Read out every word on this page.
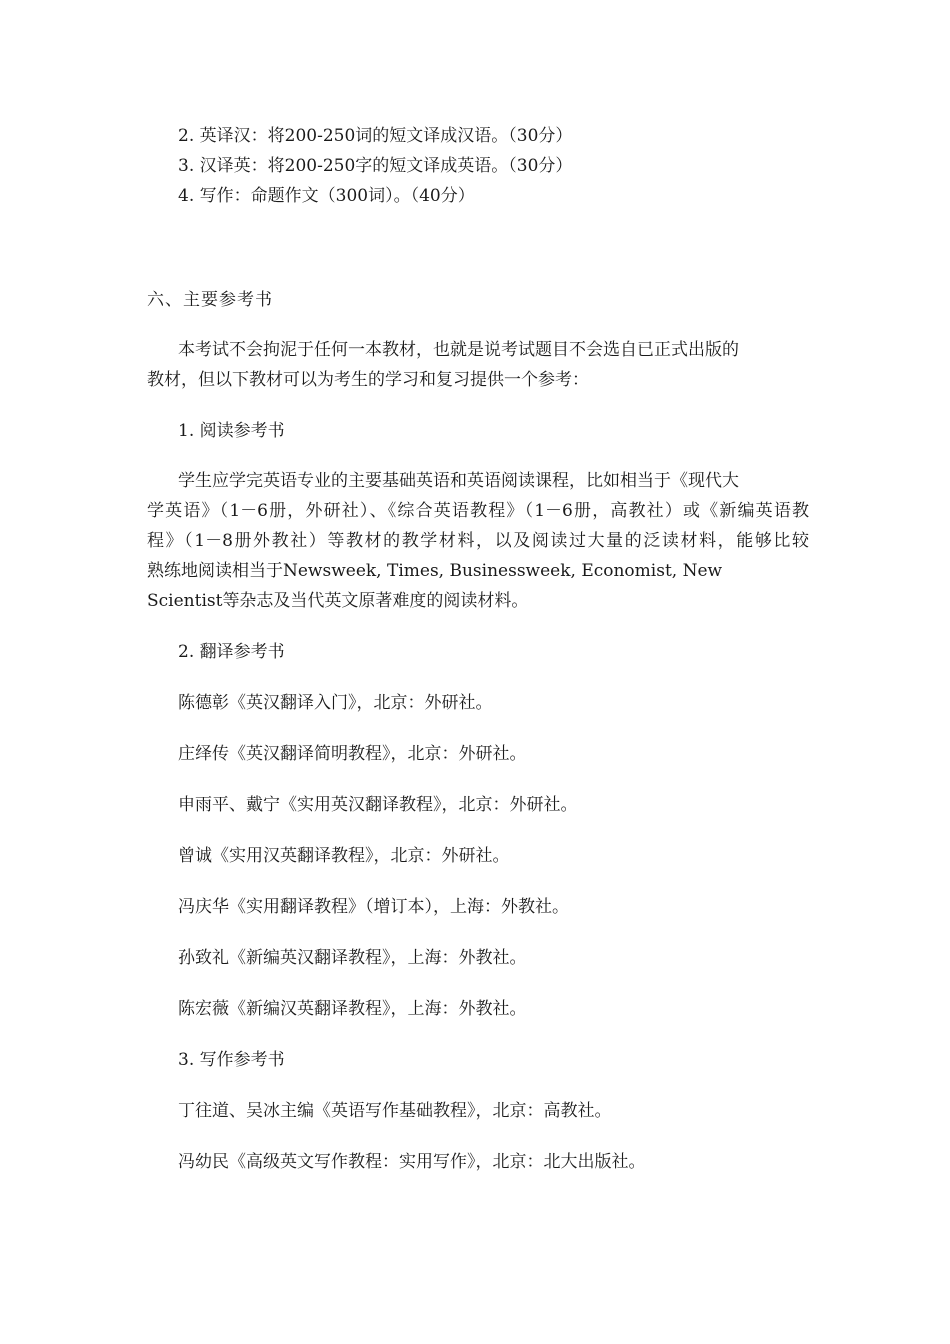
2. 英译汉：将200-250词的短文译成汉语。（30分）
3. 汉译英：将200-250字的短文译成英语。（30分）
4. 写作：命题作文（300词）。（40分）
六、主要参考书
本考试不会拘泥于任何一本教材，也就是说考试题目不会选自已正式出版的
教材，但以下教材可以为考生的学习和复习提供一个参考：
1. 阅读参考书
学生应学完英语专业的主要基础英语和英语阅读课程，比如相当于《现代大
学英语》（1－6册，外研社）、《综合英语教程》（1－6册，高教社）或《新编英语教
程》（1－8册外教社）等教材的教学材料，以及阅读过大量的泛读材料，能够比较
熟练地阅读相当于Newsweek, Times, Businessweek, Economist, New
Scientist等杂志及当代英文原著难度的阅读材料。
2. 翻译参考书
陈德彰《英汉翻译入门》，北京：外研社。
庄绎传《英汉翻译简明教程》，北京：外研社。
申雨平、戴宁《实用英汉翻译教程》，北京：外研社。
曾诚《实用汉英翻译教程》，北京：外研社。
冯庆华《实用翻译教程》（增订本），上海：外教社。
孙致礼《新编英汉翻译教程》，上海：外教社。
陈宏薇《新编汉英翻译教程》，上海：外教社。
3. 写作参考书
丁往道、吴冰主编《英语写作基础教程》，北京：高教社。
冯幼民《高级英文写作教程：实用写作》，北京：北大出版社。
